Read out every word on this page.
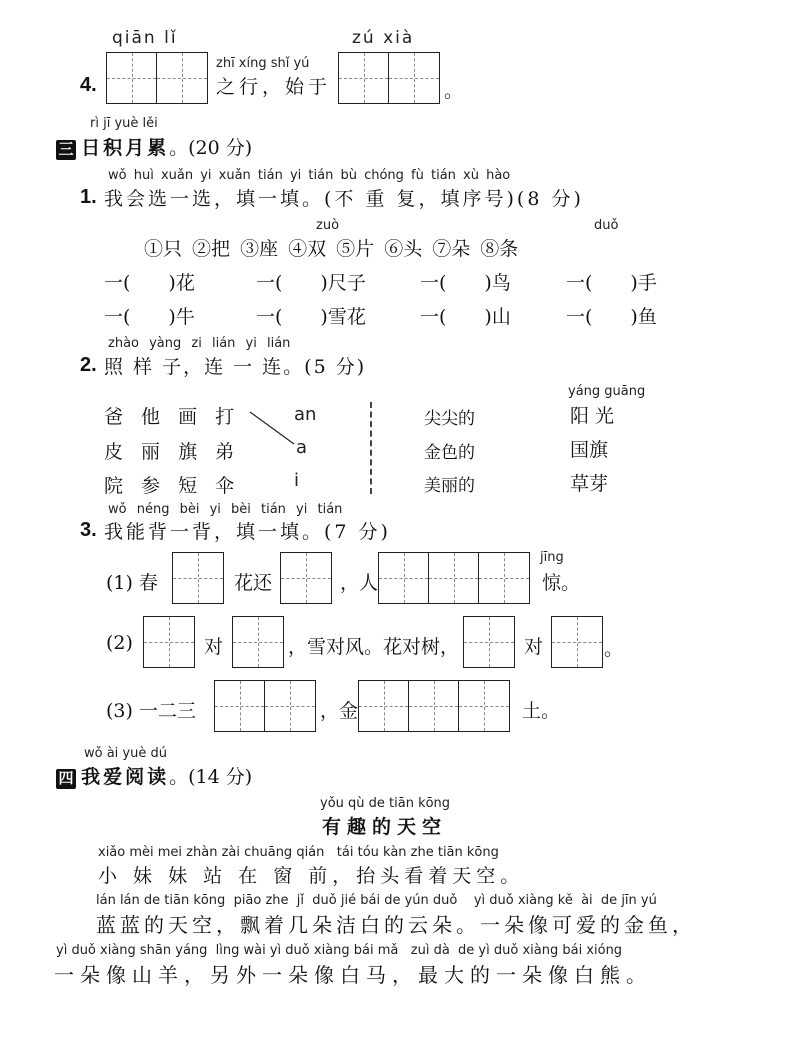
qiān lǐ
4.
zhī xíng shǐ yú
之行，始于
zú xià
。
rì jī yuè lěi
三 日积月累。(20 分)
wǒ huì xuǎn yi xuǎn tián yi tián bù chóng fù tián xù hào
1. 我会选一选，填一填。(不 重 复，填序号)(8 分)
zuò	duǒ
①只 ②把 ③座 ④双 ⑤片 ⑥头 ⑦朵 ⑧条
一(　　)花	一(　　)尺子	一(　　)鸟	一(　　)手
一(　　)牛	一(　　)雪花	一(　　)山	一(　　)鱼
zhào yàng zi lián yi lián
2. 照 样 子，连 一 连。(5 分)
爸 他 画 打
皮 丽 旗 弟
院 参 短 伞
an
a
i
尖尖的
金色的
美丽的
yáng guāng
阳 光
国旗
草芽
wǒ néng bèi yi bèi tián yi tián
3. 我能背一背，填一填。(7 分)
(1) 春	花还	，人
jīng
惊。
(2)	对	，雪对风。花对树，	对	。
(3) 一二三	，金	土。
wǒ ài yuè dú
四 我爱阅读。(14 分)
yǒu qù de tiān kōng
有趣的天空
xiǎo mèi mei zhàn zài chuāng qián   tái tóu kàn zhe tiān kōng
小 妹 妹 站 在 窗 前，抬头看着天空。
lán lán de tiān kōng  piāo zhe  jǐ  duǒ jié bái de yún duǒ    yì duǒ xiàng kě  ài  de jīn yú
蓝蓝的天空，飘着几朵洁白的云朵。一朵像可爱的金鱼，
yì duǒ xiàng shān yáng  lìng wài yì duǒ xiàng bái mǎ   zuì dà  de yì duǒ xiàng bái xióng
一朵像山羊，另外一朵像白马，最大的一朵像白熊。
